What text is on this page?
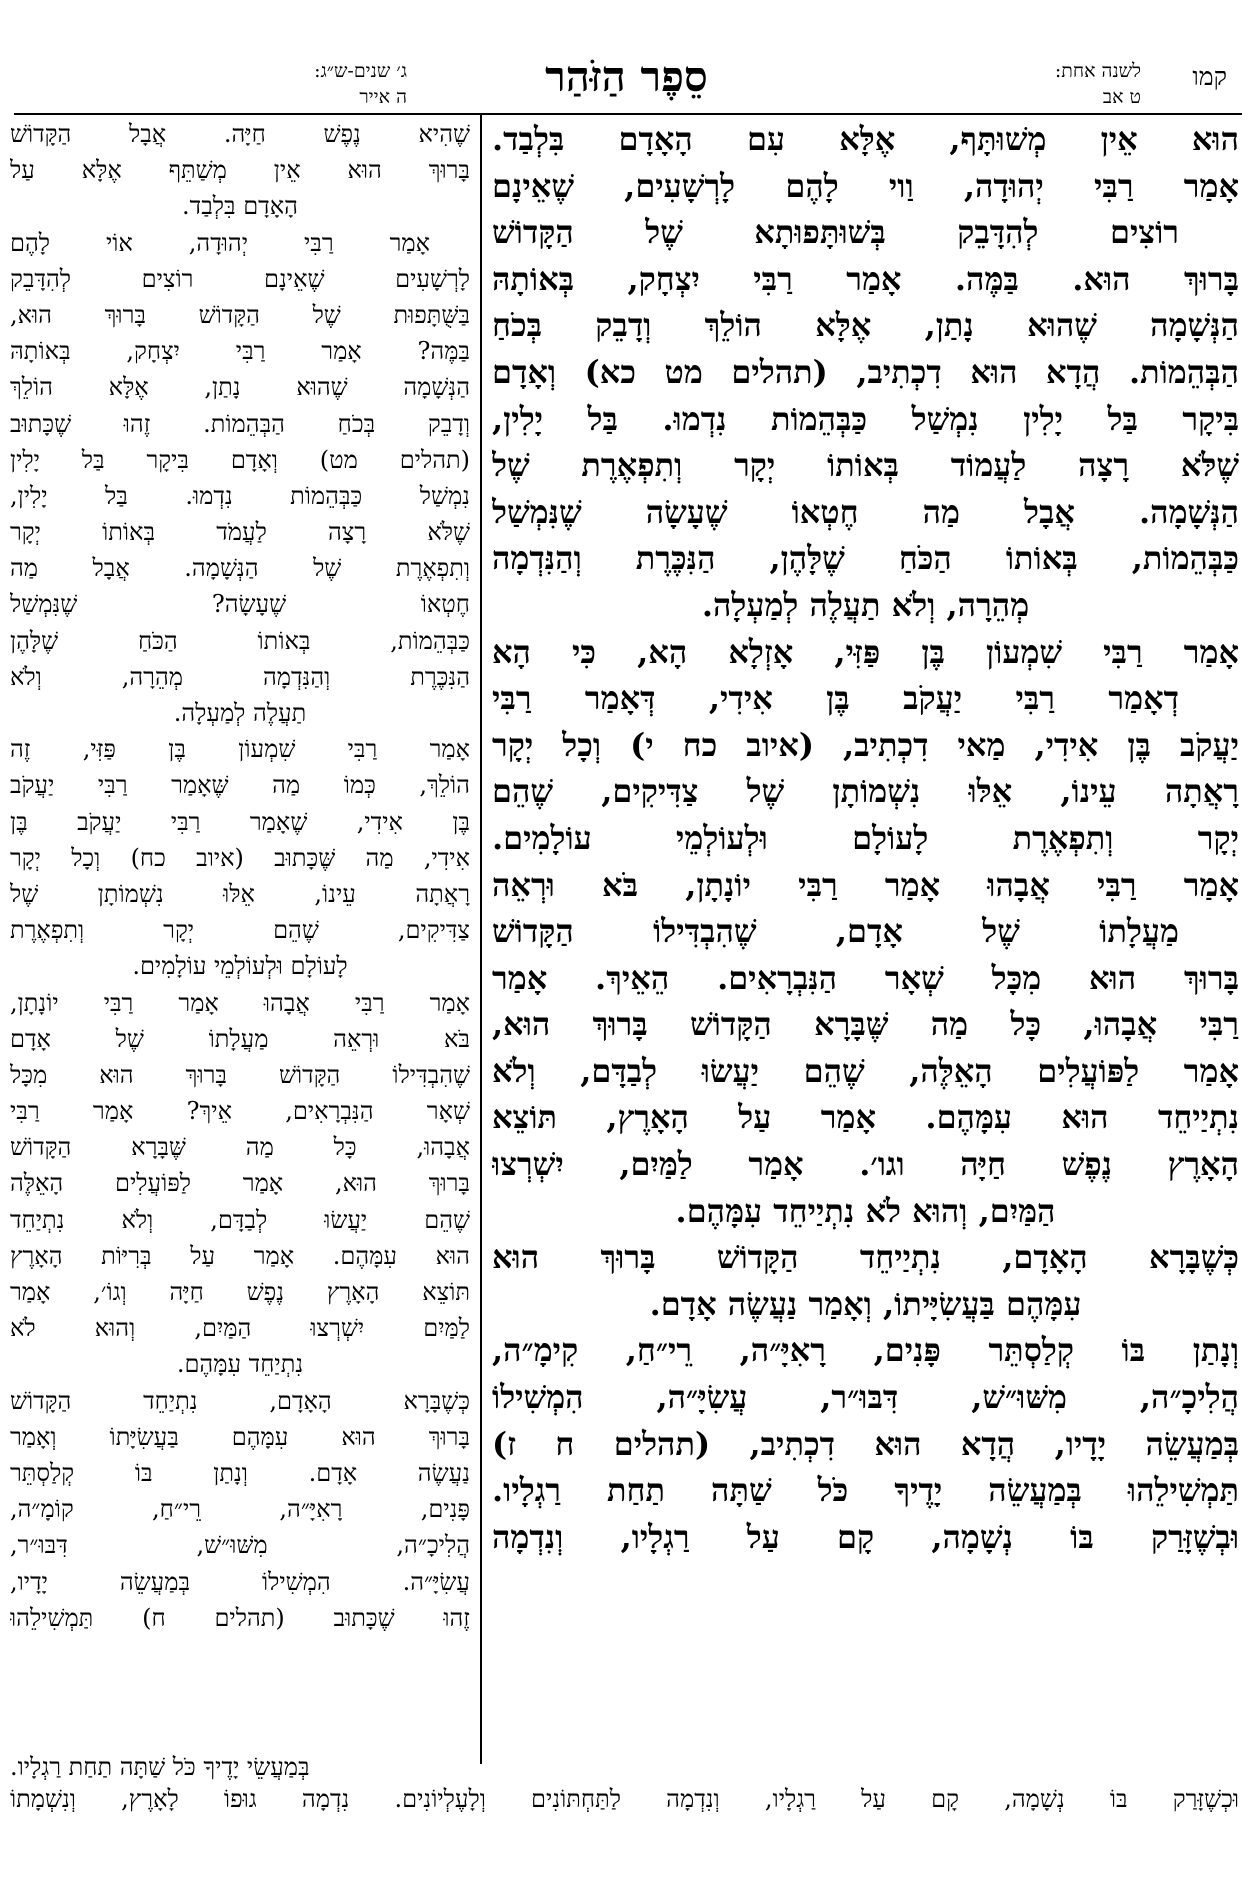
קמו
לשנה אחת:
ט אב
סֵפֶר הַזֹּהַר
ג׳ שנים-ש״ג:
ה אייר
הוּא אֵין מְשׁוּתָּף, אֶלָּא עִם הָאָדָם בִּלְבַד.
אָמַר רַבִּי יְהוּדָה, וַוי לָהֶם לָרְשָׁעִים, שֶׁאֵינָם
רוֹצִים לְהִדָּבֵק בְּשׁוּתָּפוּתָא שֶׁל הַקָּדוֹשׁ
בָּרוּךְ הוּא. בַּמֶּה. אָמַר רַבִּי יִצְחָק, בְּאוֹתָהּ
הַנְּשָׁמָה שֶׁהוּא נָתַן, אֶלָּא הוֹלֵךְ וְדָבֵק בְּכֹחַ
הַבְּהֵמוֹת. הֲדָא הוּא דִכְתִיב, (תהלים מט כא) וְאָדָם
בִּיקָר בַּל יָלִין נִמְשַׁל כַּבְּהֵמוֹת נִדְמוּ. בַּל יָלִין,
שֶׁלֹּא רָצָה לַעֲמוֹד בְּאוֹתוֹ יְקָר וְתִפְאֶרֶת שֶׁל
הַנְּשָׁמָה. אֲבָל מַה חֶטְאוֹ שֶׁעָשָׂה שֶׁנִּמְשַׁל
כַּבְּהֵמוֹת, בְּאוֹתוֹ הַכֹּחַ שֶׁלָּהֶן, הַנִּכֶּרֶת וְהַנִּדְמָה
מְהֵרָה, וְלֹא תַעֲלֶה לְמַעְלָה.
אָמַר רַבִּי שִׁמְעוֹן בֶּן פַּזִּי, אָזְלָא הָא, כִּי הָא
דְאָמַר רַבִּי יַעֲקֹב בֶּן אִידִי, דְּאָמַר רַבִּי
יַעֲקֹב בֶּן אִידִי, מַאי דִכְתִיב, (איוב כח י) וְכָל יְקָר
רָאֲתָה עֵינוֹ, אֵלּוּ נִשְׁמוֹתָן שֶׁל צַדִּיקִים, שֶׁהֵם
יְקָר וְתִפְאֶרֶת לָעוֹלָם וּלְעוֹלְמֵי עוֹלָמִים.
אָמַר רַבִּי אֲבָהוּ אָמַר רַבִּי יוֹנָתָן, בֹּא וּרְאֵה
מַעֲלָתוֹ שֶׁל אָדָם, שֶׁהִבְדִּילוֹ הַקָּדוֹשׁ
בָּרוּךְ הוּא מִכָּל שְׁאָר הַנִּבְרָאִים. הֵאֵיךְ. אָמַר
רַבִּי אֲבָהוּ, כָּל מַה שֶּׁבָּרָא הַקָּדוֹשׁ בָּרוּךְ הוּא,
אָמַר לַפּוֹעֲלִים הָאֵלֶּה, שֶׁהֵם יַעֲשׂוּ לְבַדָּם, וְלֹא
נִתְיַיחֵד הוּא עִמָּהֶם. אָמַר עַל הָאָרֶץ, תּוֹצֵא
הָאָרֶץ נֶפֶשׁ חַיָּה וגו׳. אָמַר לַמַּיִם, יִשְׁרְצוּ
הַמַּיִם, וְהוּא לֹא נִתְיַיחֵד עִמָּהֶם.
כְּשֶׁבָּרָא הָאָדָם, נִתְיַיחֵד הַקָּדוֹשׁ בָּרוּךְ הוּא
עִמָּהֶם בַּעֲשִׂיָּיתוֹ, וְאָמַר נַעֲשֶׂה אָדָם.
וְנָתַן בּוֹ קְלַסְתֵּר פָּנִים, רָאִיָּ״ה, רֵי״חַ, קִימָ״ה,
הֲלִיכָ״ה, מִשּׁוּ״שׁ, דִּבּוּ״ר, עֲשִׂיָּ״ה, הִמְשִׁילוֹ
בְּמַעֲשֵׂה יָדָיו, הֲדָא הוּא דִכְתִיב, (תהלים ח ז)
תַּמְשִׁילֵהוּ בְּמַעֲשֵׂה יָדֶיךָ כֹּל שַׁתָּה תַחַת רַגְלָיו.
וּבְשֶׁזָּרַק בּוֹ נְשָׁמָה, קָם עַל רַגְלָיו, וְנִדְמָה
שֶׁהִיא נֶפֶשׁ חַיָּה. אֲבָל הַקָּדוֹשׁ
בָּרוּךְ הוּא אֵין מְשַׁתֵּף אֶלָּא עַל
הָאָדָם בִּלְבַד.
אָמַר רַבִּי יְהוּדָה, אוֹי לָהֶם
לָרְשָׁעִים שֶׁאֵינָם רוֹצִים לְהִדָּבֵק
בַּשֻּׁתָּפוּת שֶׁל הַקָּדוֹשׁ בָּרוּךְ הוּא,
בַּמֶּה? אָמַר רַבִּי יִצְחָק, בְּאוֹתָהּ
הַנְּשָׁמָה שֶׁהוּא נָתַן, אֶלָּא הוֹלֵךְ
וְדָבֵק בְּכֹחַ הַבְּהֵמוֹת. זֶהוּ שֶׁכָּתוּב
(תהלים מט) וְאָדָם בִּיקָר בַּל יָלִין
נִמְשַׁל כַּבְּהֵמוֹת נִדְמוּ. בַּל יָלִין,
שֶׁלֹּא רָצָה לַעֲמֹד בְּאוֹתוֹ יְקָר
וְתִפְאֶרֶת שֶׁל הַנְּשָׁמָה. אֲבָל מַה
חֶטְאוֹ שֶׁעָשָׂה? שֶׁנִּמְשַׁל
כַּבְּהֵמוֹת, בְּאוֹתוֹ הַכֹּחַ שֶׁלָּהֶן
הַנִּכֶּרֶת וְהַנִּדְמָה מְהֵרָה, וְלֹא
תַעֲלֶה לְמַעְלָה.
אָמַר רַבִּי שִׁמְעוֹן בֶּן פַּזִּי, זֶה
הוֹלֵךְ, כְּמוֹ מַה שֶּׁאָמַר רַבִּי יַעֲקֹב
בֶּן אִידִי, שֶׁאָמַר רַבִּי יַעֲקֹב בֶּן
אִידִי, מַה שֶּׁכָּתוּב (איוב כח) וְכָל יְקָר
רָאֲתָה עֵינוֹ, אֵלּוּ נִשְׁמוֹתָן שֶׁל
צַדִּיקִים, שֶׁהֵם יְקָר וְתִפְאֶרֶת
לָעוֹלָם וּלְעוֹלְמֵי עוֹלָמִים.
אָמַר רַבִּי אֲבָהוּ אָמַר רַבִּי יוֹנָתָן,
בֹּא וּרְאֵה מַעֲלָתוֹ שֶׁל אָדָם
שֶׁהִבְדִּילוֹ הַקָּדוֹשׁ בָּרוּךְ הוּא מִכָּל
שְׁאָר הַנִּבְרָאִים, אֵיךְ? אָמַר רַבִּי
אֲבָהוּ, כָּל מַה שֶּׁבָּרָא הַקָּדוֹשׁ
בָּרוּךְ הוּא, אָמַר לַפּוֹעֲלִים הָאֵלֶּה
שֶׁהֵם יַעֲשׂוּ לְבַדָּם, וְלֹא נִתְיַחֵד
הוּא עִמָּהֶם. אָמַר עַל בְּרִיּוֹת הָאָרֶץ
תּוֹצֵא הָאָרֶץ נֶפֶשׁ חַיָּה וְגוֹ׳, אָמַר
לַמַּיִם יִשְׁרְצוּ הַמַּיִם, וְהוּא לֹא
נִתְיַחֵד עִמָּהֶם.
כְּשֶׁבָּרָא הָאָדָם, נִתְיַחֵד הַקָּדוֹשׁ
בָּרוּךְ הוּא עִמָּהֶם בַּעֲשִׂיָּתוֹ וְאָמַר
נַעֲשֶׂה אָדָם. וְנָתַן בּוֹ קְלַסְתֵּר
פָּנִים, רָאִיָּ״ה, רֵי״חַ, קוֹמָ״ה,
הֲלִיכָ״ה, מִשּׁוּ״שׁ, דִּבּוּ״ר,
עֲשִׂיָּ״ה. הִמְשִׁילוֹ בְּמַעֲשֵׂה יָדָיו,
זֶהוּ שֶׁכָּתוּב (תהלים ח) תַּמְשִׁילֵהוּ
בְּמַעֲשֵׂי יָדֶיךָ כֹּל שַׁתָּה תַחַת רַגְלָיו.
וּכְשֶׁזָּרַק בּוֹ נְשָׁמָה, קָם עַל רַגְלָיו, וְנִדְמָה לַתַּחְתּוֹנִים וְלָעֶלְיוֹנִים. נִדְמָה גוּפוֹ לָאָרֶץ, וְנִשְׁמָתוֹ
